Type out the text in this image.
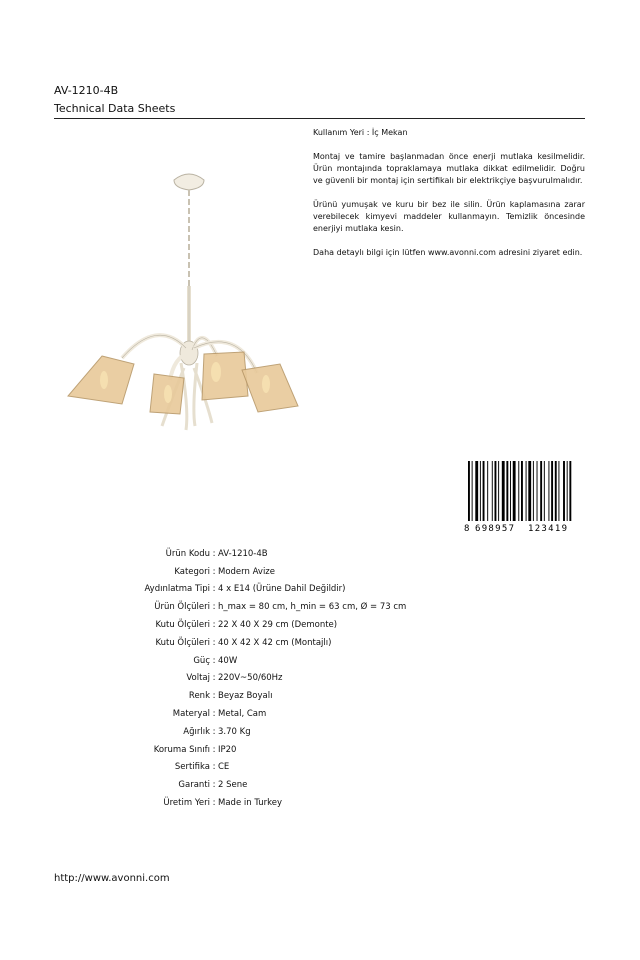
AV-1210-4B
Technical Data Sheets

Kullanım Yeri : İç Mekan

Montaj ve tamire başlanmadan önce enerji mutlaka kesilmelidir. Ürün montajında topraklamaya mutlaka dikkat edilmelidir. Doğru ve güvenli bir montaj için sertifikalı bir elektrikçiye başvurulmalıdır.

Ürünü yumuşak ve kuru bir bez ile silin. Ürün kaplamasına zarar verebilecek kimyevi maddeler kullanmayın. Temizlik öncesinde enerjiyi mutlaka kesin.

Daha detaylı bilgi için lütfen www.avonni.com adresini ziyaret edin.

8 698957 123419
Ürün Kodu : AV-1210-4B
Kategori : Modern Avize
Aydınlatma Tipi : 4 x E14 (Ürüne Dahil Değildir)
Ürün Ölçüleri : h_max = 80 cm, h_min = 63 cm, Ø = 73 cm
Kutu Ölçüleri : 22 X 40 X 29 cm (Demonte)
Kutu Ölçüleri : 40 X 42 X 42 cm (Montajlı)
Güç : 40W
Voltaj : 220V~50/60Hz
Renk : Beyaz Boyalı
Materyal : Metal, Cam
Ağırlık : 3.70 Kg
Koruma Sınıfı : IP20
Sertifika : CE
Garanti : 2 Sene
Üretim Yeri : Made in Turkey
http://www.avonni.com
